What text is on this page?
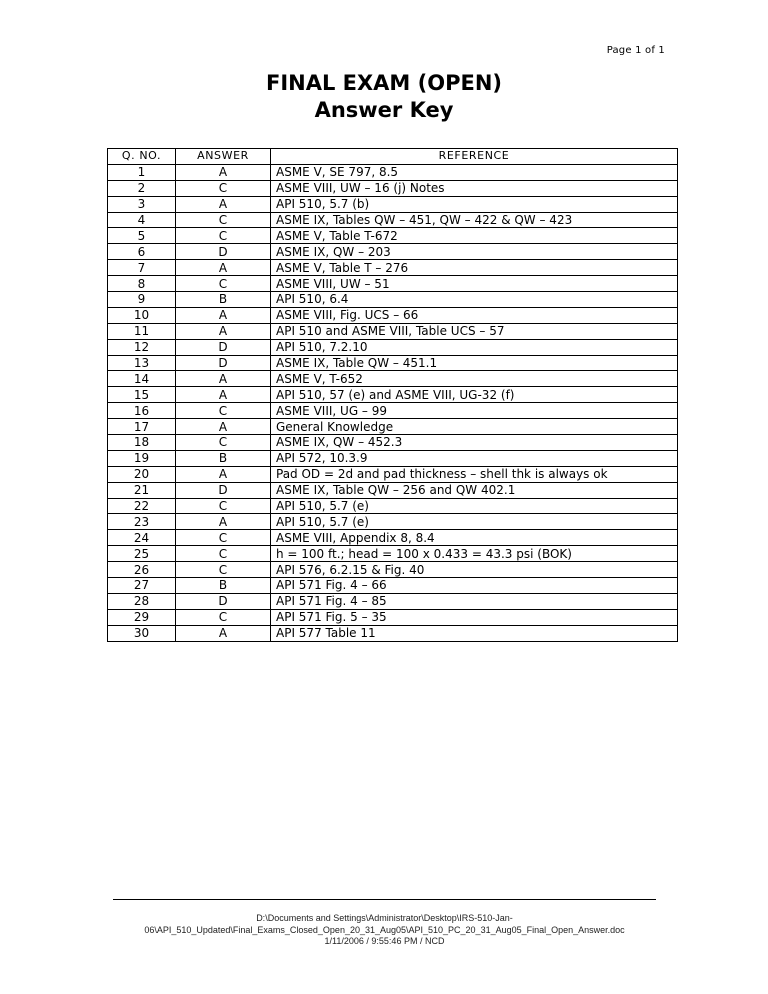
Page 1 of 1
FINAL EXAM (OPEN)
Answer Key
Q. NO.	ANSWER	REFERENCE
1	A	ASME V, SE 797, 8.5
2	C	ASME VIII, UW – 16 (j) Notes
3	A	API 510, 5.7 (b)
4	C	ASME IX, Tables QW – 451, QW – 422 & QW – 423
5	C	ASME V, Table T-672
6	D	ASME IX, QW – 203
7	A	ASME V, Table T – 276
8	C	ASME VIII, UW – 51
9	B	API 510, 6.4
10	A	ASME VIII, Fig. UCS – 66
11	A	API 510 and ASME VIII, Table UCS – 57
12	D	API 510, 7.2.10
13	D	ASME IX, Table QW – 451.1
14	A	ASME V, T-652
15	A	API 510, 57 (e) and ASME VIII, UG-32 (f)
16	C	ASME VIII, UG – 99
17	A	General Knowledge
18	C	ASME IX, QW – 452.3
19	B	API 572, 10.3.9
20	A	Pad OD = 2d and pad thickness – shell thk is always ok
21	D	ASME IX, Table QW – 256 and QW 402.1
22	C	API 510, 5.7 (e)
23	A	API 510, 5.7 (e)
24	C	ASME VIII, Appendix 8, 8.4
25	C	h = 100 ft.; head = 100 x 0.433 = 43.3 psi (BOK)
26	C	API 576, 6.2.15 & Fig. 40
27	B	API 571 Fig. 4 – 66
28	D	API 571 Fig. 4 – 85
29	C	API 571 Fig. 5 – 35
30	A	API 577 Table 11
D:\Documents and Settings\Administrator\Desktop\IRS-510-Jan-
06\API_510_Updated\Final_Exams_Closed_Open_20_31_Aug05\API_510_PC_20_31_Aug05_Final_Open_Answer.doc
1/11/2006 / 9:55:46 PM / NCD
